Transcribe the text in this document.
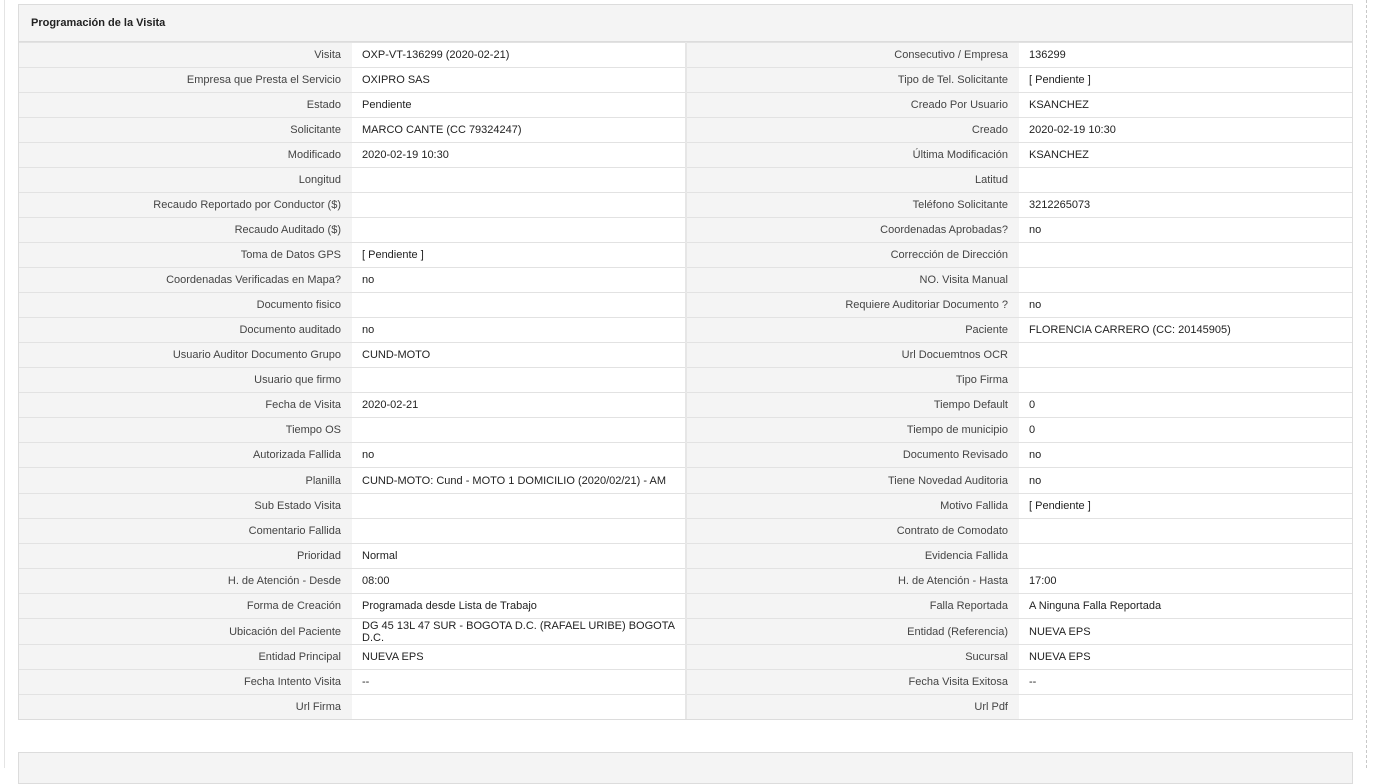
Programación de la Visita
Visita	OXP-VT-136299 (2020-02-21)	Consecutivo / Empresa	136299
Empresa que Presta el Servicio	OXIPRO SAS	Tipo de Tel. Solicitante	[ Pendiente ]
Estado	Pendiente	Creado Por Usuario	KSANCHEZ
Solicitante	MARCO CANTE (CC 79324247)	Creado	2020-02-19 10:30
Modificado	2020-02-19 10:30	Última Modificación	KSANCHEZ
Longitud		Latitud	
Recaudo Reportado por Conductor ($)		Teléfono Solicitante	3212265073
Recaudo Auditado ($)		Coordenadas Aprobadas?	no
Toma de Datos GPS	[ Pendiente ]	Corrección de Dirección	
Coordenadas Verificadas en Mapa?	no	NO. Visita Manual	
Documento fisico		Requiere Auditoriar Documento ?	no
Documento auditado	no	Paciente	FLORENCIA CARRERO (CC: 20145905)
Usuario Auditor Documento Grupo	CUND-MOTO	Url Docuemtnos OCR	
Usuario que firmo		Tipo Firma	
Fecha de Visita	2020-02-21	Tiempo Default	0
Tiempo OS		Tiempo de municipio	0
Autorizada Fallida	no	Documento Revisado	no
Planilla	CUND-MOTO: Cund - MOTO 1 DOMICILIO (2020/02/21) - AM	Tiene Novedad Auditoria	no
Sub Estado Visita		Motivo Fallida	[ Pendiente ]
Comentario Fallida		Contrato de Comodato	
Prioridad	Normal	Evidencia Fallida	
H. de Atención - Desde	08:00	H. de Atención - Hasta	17:00
Forma de Creación	Programada desde Lista de Trabajo	Falla Reportada	A Ninguna Falla Reportada
Ubicación del Paciente	DG 45 13L 47 SUR - BOGOTA D.C. (RAFAEL URIBE) BOGOTA D.C.	Entidad (Referencia)	NUEVA EPS
Entidad Principal	NUEVA EPS	Sucursal	NUEVA EPS
Fecha Intento Visita	--	Fecha Visita Exitosa	--
Url Firma		Url Pdf	
